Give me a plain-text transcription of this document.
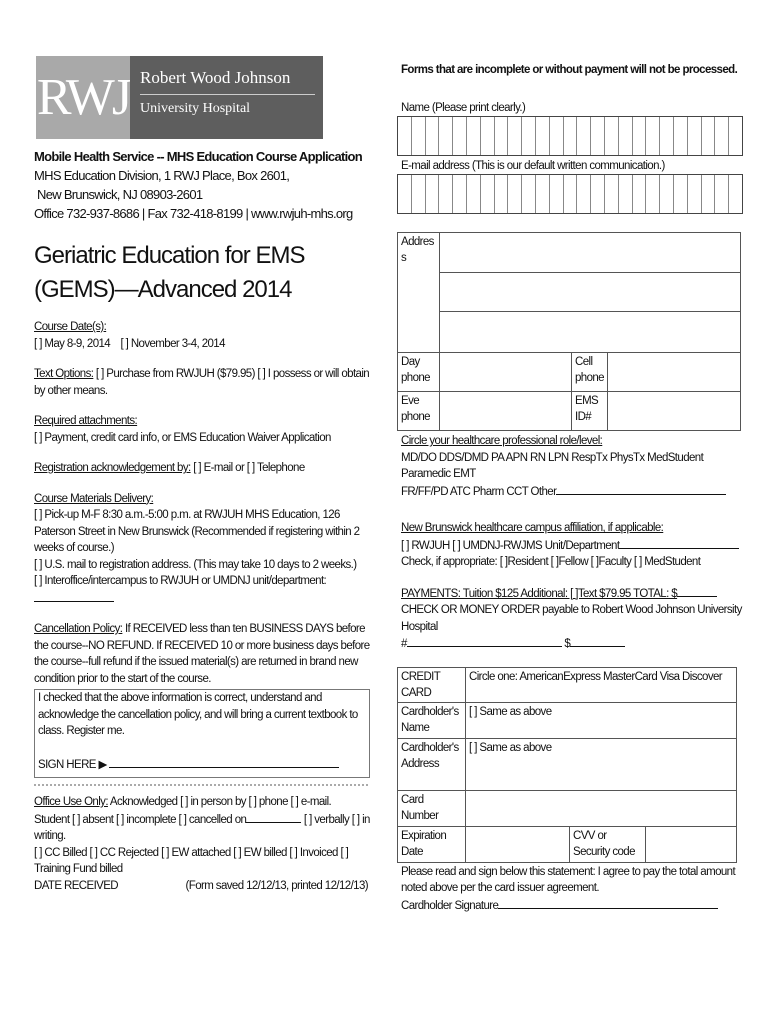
RWJ Robert Wood Johnson
University Hospital
Mobile Health Service -- MHS Education Course Application
MHS Education Division, 1 RWJ Place, Box 2601,
New Brunswick, NJ 08903-2601
Office 732-937-8686 | Fax 732-418-8199 | www.rwjuh-mhs.org
Geriatric Education for EMS (GEMS)—Advanced 2014
Course Date(s):
[ ] May 8-9, 2014    [ ] November 3-4, 2014
Text Options: [ ] Purchase from RWJUH ($79.95) [ ] I possess or will obtain by other means.
Required attachments:
[ ] Payment, credit card info, or EMS Education Waiver Application
Registration acknowledgement by: [ ] E-mail or [ ] Telephone
Course Materials Delivery:
[ ] Pick-up M-F 8:30 a.m.-5:00 p.m. at RWJUH MHS Education, 126 Paterson Street in New Brunswick (Recommended if registering within 2 weeks of course.)
[ ] U.S. mail to registration address. (This may take 10 days to 2 weeks.)
[ ] Interoffice/intercampus to RWJUH or UMDNJ unit/department:
Cancellation Policy: If RECEIVED less than ten BUSINESS DAYS before the course--NO REFUND. If RECEIVED 10 or more business days before the course--full refund if the issued material(s) are returned in brand new condition prior to the start of the course.
I checked that the above information is correct, understand and acknowledge the cancellation policy, and will bring a current textbook to class. Register me.
SIGN HERE ▶
Office Use Only: Acknowledged [ ] in person by [ ] phone [ ] e-mail.
Student [ ] absent [ ] incomplete [ ] cancelled on	[ ] verbally [ ] in writing.
[ ] CC Billed [ ] CC Rejected [ ] EW attached [ ] EW billed [ ] Invoiced [ ] Training Fund billed
DATE RECEIVED	(Form saved 12/12/13, printed 12/12/13)
Forms that are incomplete or without payment will not be processed.
Name (Please print clearly.)
E-mail address (This is our default written communication.)
Address			

Day phone		Cell phone	
Eve phone		EMS ID#	
Circle your healthcare professional role/level:
MD/DO DDS/DMD PA APN RN LPN RespTx PhysTx MedStudent Paramedic EMT
FR/FF/PD ATC Pharm CCT Other
New Brunswick healthcare campus affiliation, if applicable:
[ ] RWJUH [ ] UMDNJ-RWJMS Unit/Department
Check, if appropriate: [ ]Resident [ ]Fellow [ ]Faculty [ ] MedStudent
PAYMENTS: Tuition $125 Additional: [ ]Text $79.95 TOTAL: $
CHECK OR MONEY ORDER payable to Robert Wood Johnson University Hospital
#	$
CREDIT CARD	Circle one: AmericanExpress MasterCard Visa Discover		
Cardholder's Name	[ ] Same as above		
Cardholder's Address	[ ] Same as above		
Card Number			
Expiration Date		CVV or Security code	
Please read and sign below this statement: I agree to pay the total amount noted above per the card issuer agreement.
Cardholder Signature
